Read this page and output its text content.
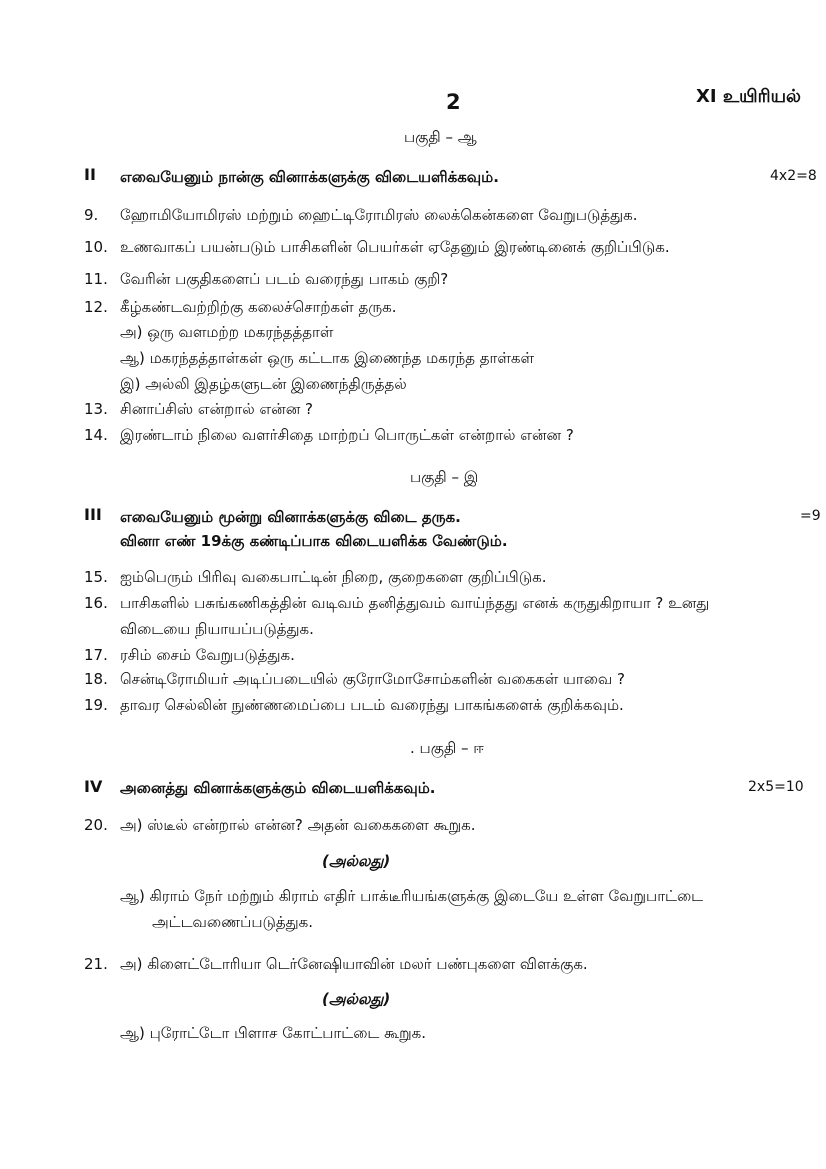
2	XI உயிரியல்
பகுதி – ஆ
II எவையேனும் நான்கு வினாக்களுக்கு விடையளிக்கவும்.	4x2=8
9. ஹோமியோமிரஸ் மற்றும் ஹைட்டிரோமிரஸ் லைக்கென்களை வேறுபடுத்துக.
10. உணவாகப் பயன்படும் பாசிகளின் பெயர்கள் ஏதேனும் இரண்டினைக் குறிப்பிடுக.
11. வேரின் பகுதிகளைப் படம் வரைந்து பாகம் குறி?
12. கீழ்கண்டவற்றிற்கு கலைச்சொற்கள் தருக.
அ) ஒரு வளமற்ற மகரந்தத்தாள்
ஆ) மகரந்தத்தாள்கள் ஒரு கட்டாக இணைந்த மகரந்த தாள்கள்
இ) அல்லி இதழ்களுடன் இணைந்திருத்தல்
13. சினாப்சிஸ் என்றால் என்ன ?
14. இரண்டாம் நிலை வளர்சிதை மாற்றப் பொருட்கள் என்றால் என்ன ?
பகுதி – இ
III எவையேனும் மூன்று வினாக்களுக்கு விடை தருக.	=9
வினா எண் 19க்கு கண்டிப்பாக விடையளிக்க வேண்டும்.
15. ஐம்பெரும் பிரிவு வகைபாட்டின் நிறை, குறைகளை குறிப்பிடுக.
16. பாசிகளில் பசுங்கணிகத்தின் வடிவம் தனித்துவம் வாய்ந்தது எனக் கருதுகிறாயா ? உனது
விடையை நியாயப்படுத்துக.
17. ரசிம் சைம் வேறுபடுத்துக.
18. சென்டிரோமியர் அடிப்படையில் குரோமோசோம்களின் வகைகள் யாவை ?
19. தாவர செல்லின் நுண்ணமைப்பை படம் வரைந்து பாகங்களைக் குறிக்கவும்.
. பகுதி – ஈ
IV அனைத்து வினாக்களுக்கும் விடையளிக்கவும்.	2x5=10
20. அ) ஸ்டீல் என்றால் என்ன? அதன் வகைகளை கூறுக.
(அல்லது)
ஆ) கிராம் நேர் மற்றும் கிராம் எதிர் பாக்டீரியங்களுக்கு இடையே உள்ள வேறுபாட்டை
அட்டவணைப்படுத்துக.
21. அ) கிளைட்டோரியா டெர்னேஷியாவின் மலர் பண்புகளை விளக்குக.
(அல்லது)
ஆ) புரோட்டோ பிளாச கோட்பாட்டை கூறுக.
